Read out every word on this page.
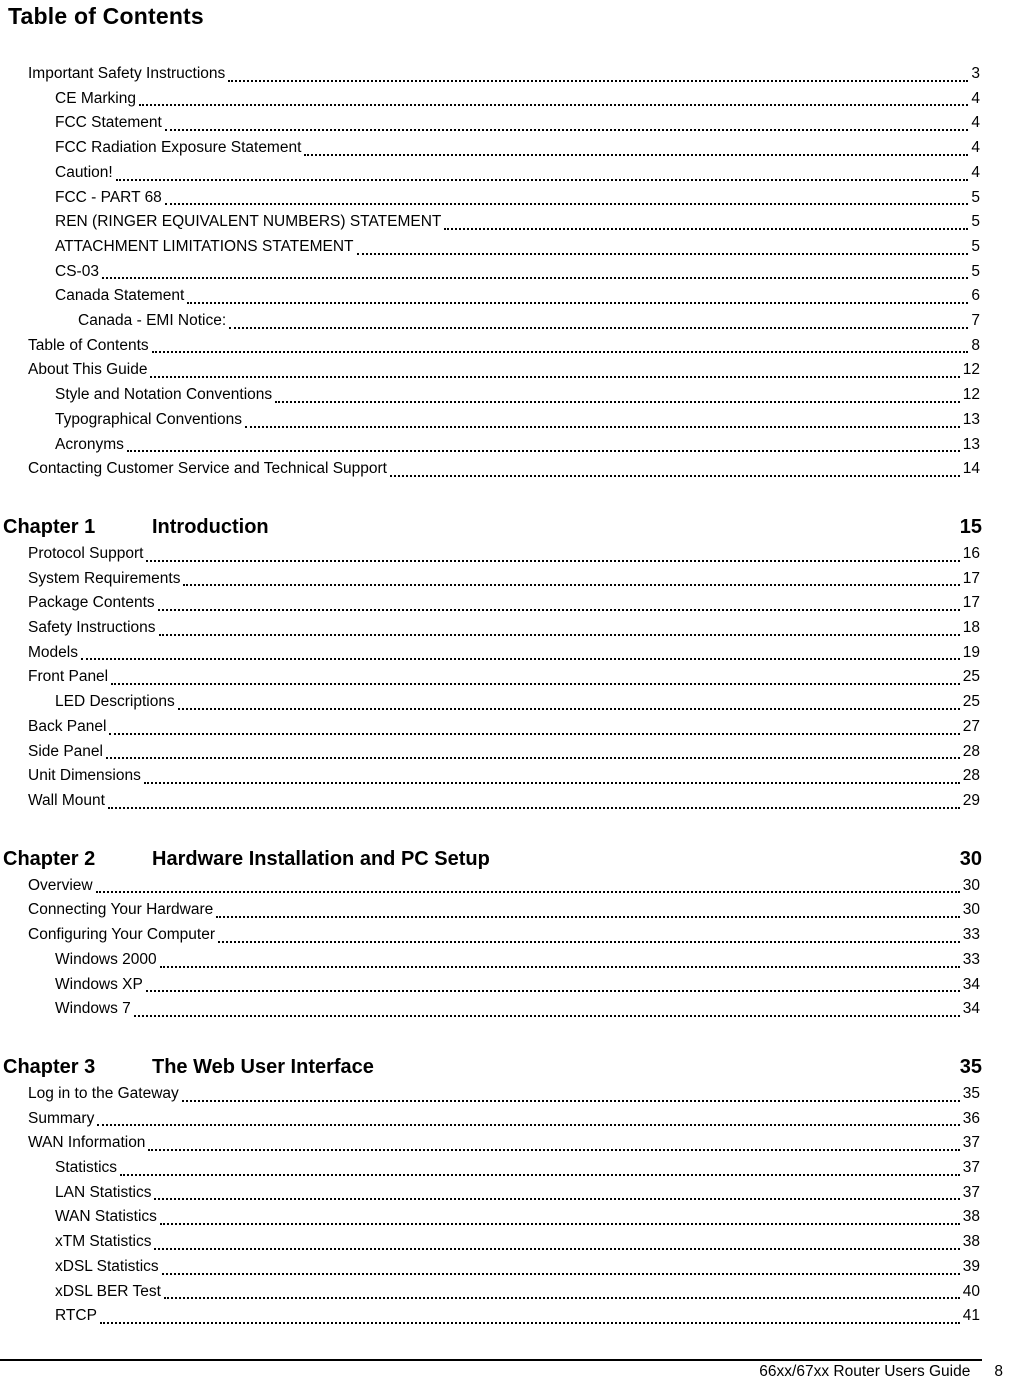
Table of Contents
Important Safety Instructions	3
CE Marking	4
FCC Statement	4
FCC Radiation Exposure Statement	4
Caution!	4
FCC - PART 68	5
REN (RINGER EQUIVALENT NUMBERS) STATEMENT	5
ATTACHMENT LIMITATIONS STATEMENT	5
CS-03	5
Canada Statement	6
Canada - EMI Notice:	7
Table of Contents	8
About This Guide	12
Style and Notation Conventions	12
Typographical Conventions	13
Acronyms	13
Contacting Customer Service and Technical Support	14
Chapter 1	Introduction	15
Protocol Support	16
System Requirements	17
Package Contents	17
Safety Instructions	18
Models	19
Front Panel	25
LED Descriptions	25
Back Panel	27
Side Panel	28
Unit Dimensions	28
Wall Mount	29
Chapter 2	Hardware Installation and PC Setup	30
Overview	30
Connecting Your Hardware	30
Configuring Your Computer	33
Windows 2000	33
Windows XP	34
Windows 7	34
Chapter 3	The Web User Interface	35
Log in to the Gateway	35
Summary	36
WAN Information	37
Statistics	37
LAN Statistics	37
WAN Statistics	38
xTM Statistics	38
xDSL Statistics	39
xDSL BER Test	40
RTCP	41
66xx/67xx Router Users Guide 8
